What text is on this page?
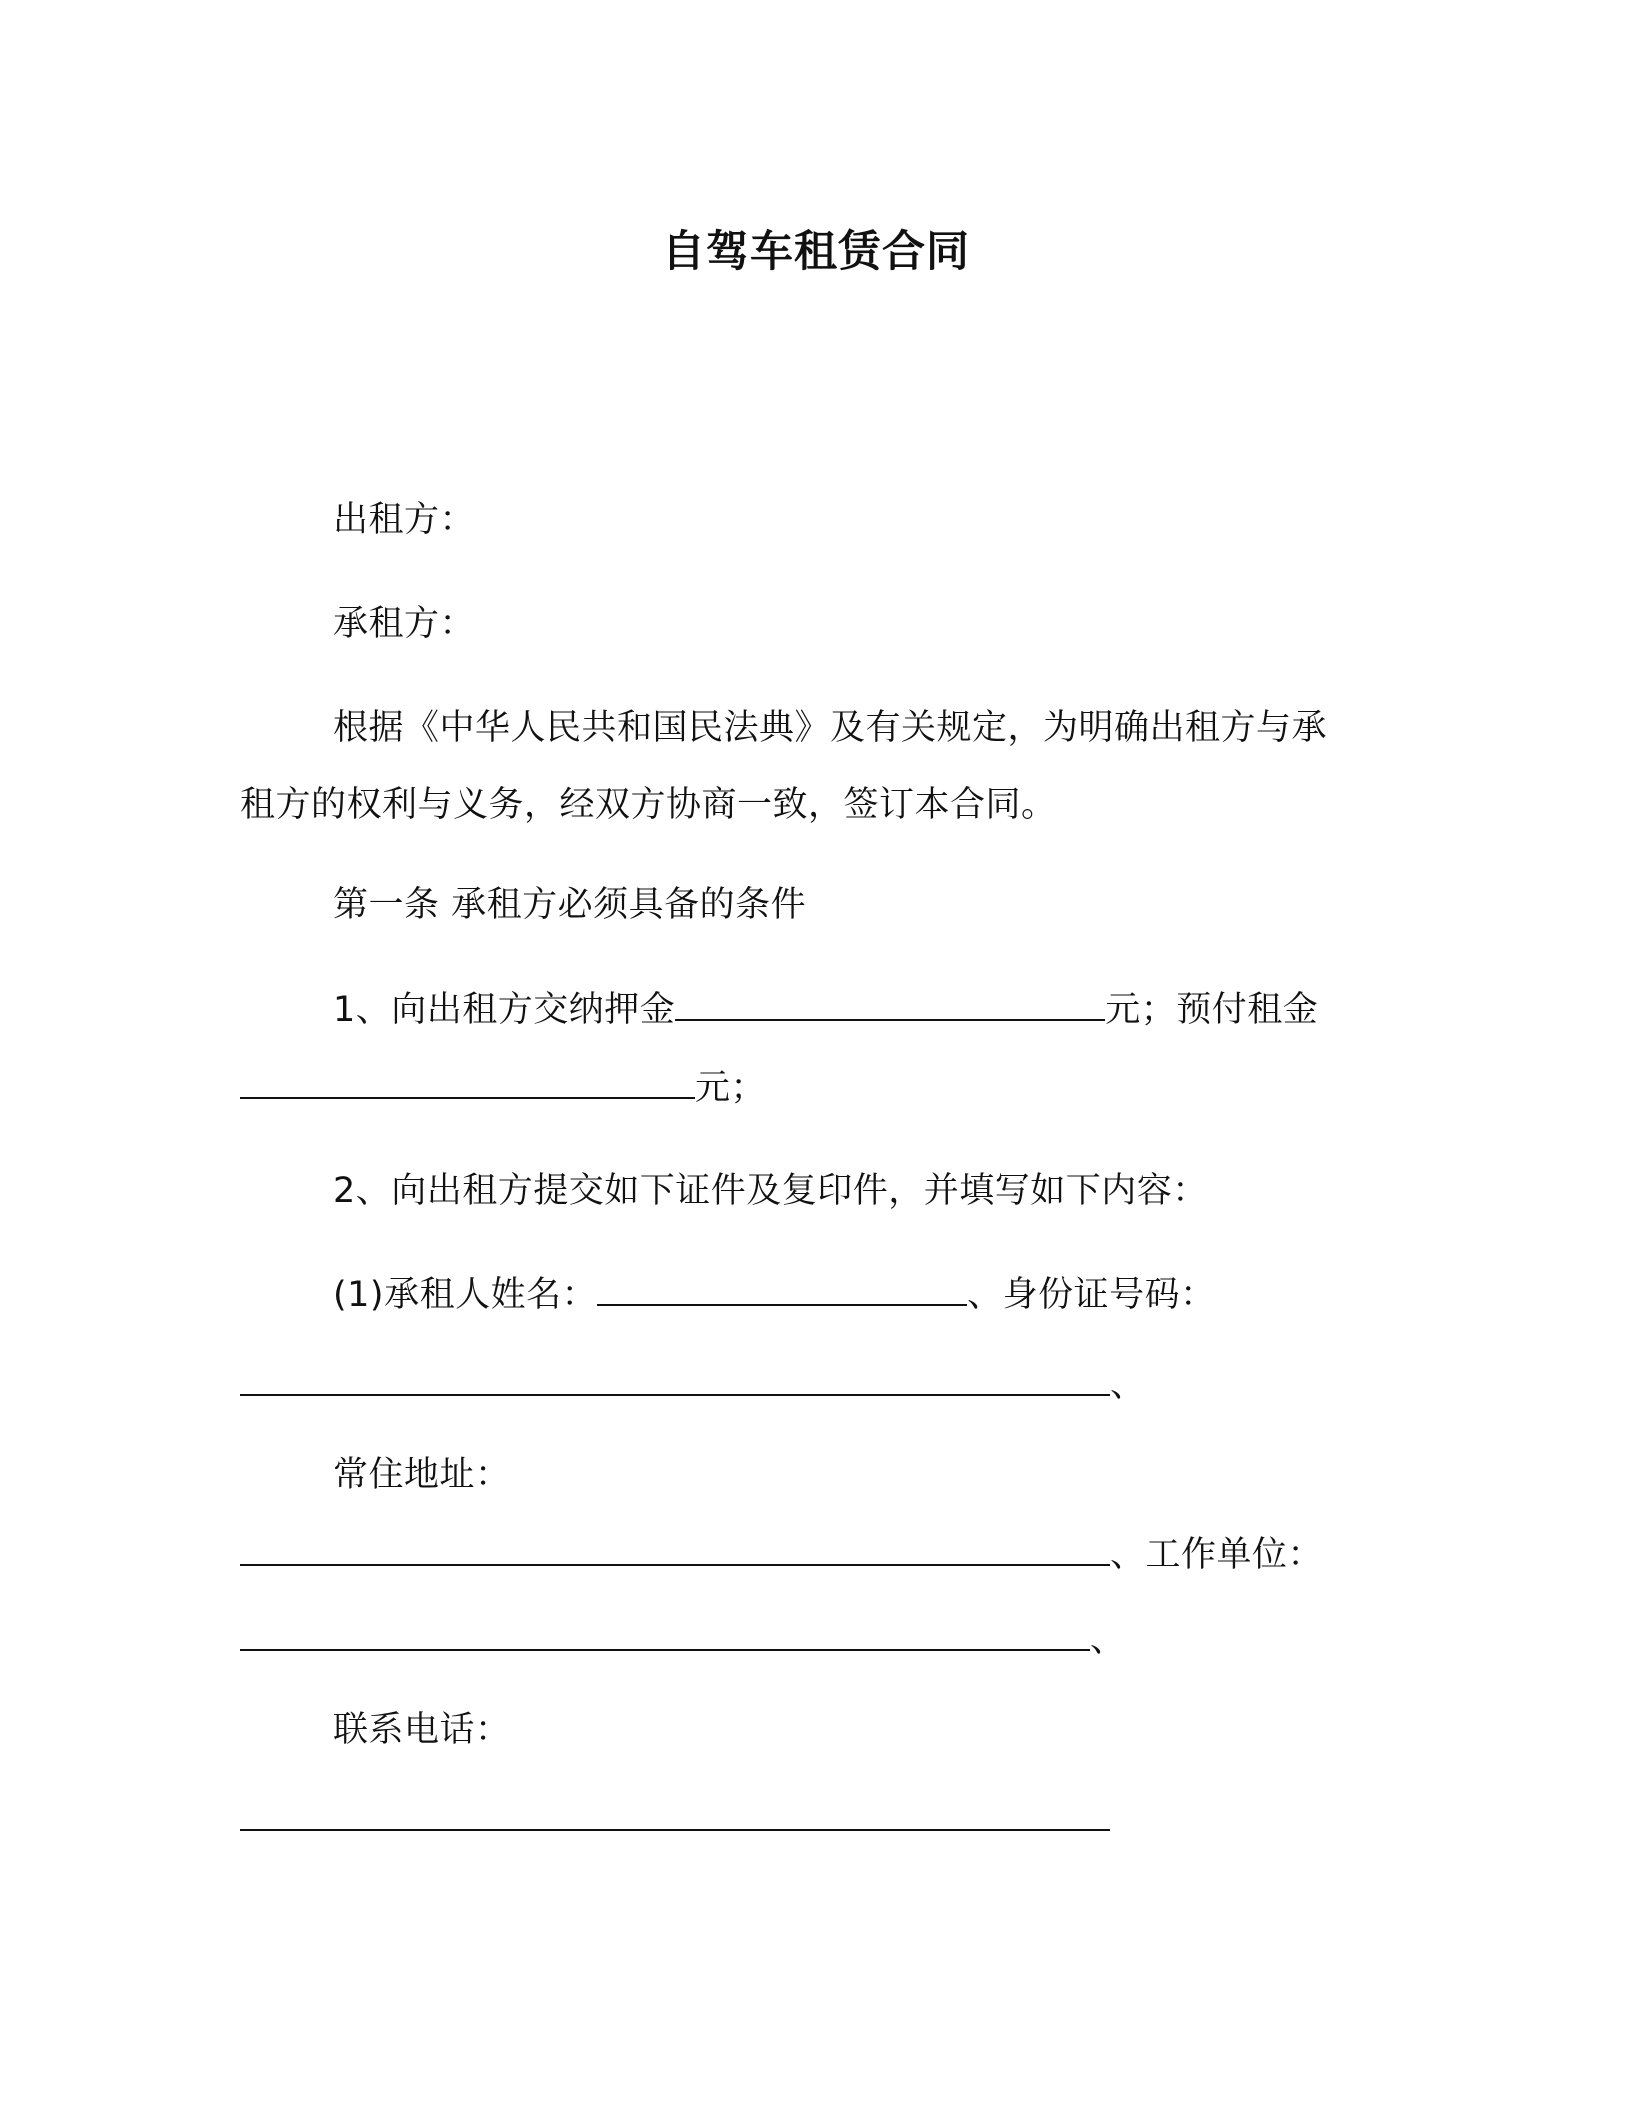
自驾车租赁合同
出租方：
承租方：
根据《中华人民共和国民法典》及有关规定，为明确出租方与承
租方的权利与义务，经双方协商一致，签订本合同。
第一条 承租方必须具备的条件
1、向出租方交纳押金	元；预付租金
元；
2、向出租方提交如下证件及复印件，并填写如下内容：
(1)承租人姓名：	、身份证号码：
、
常住地址：
、工作单位：
、
联系电话：
